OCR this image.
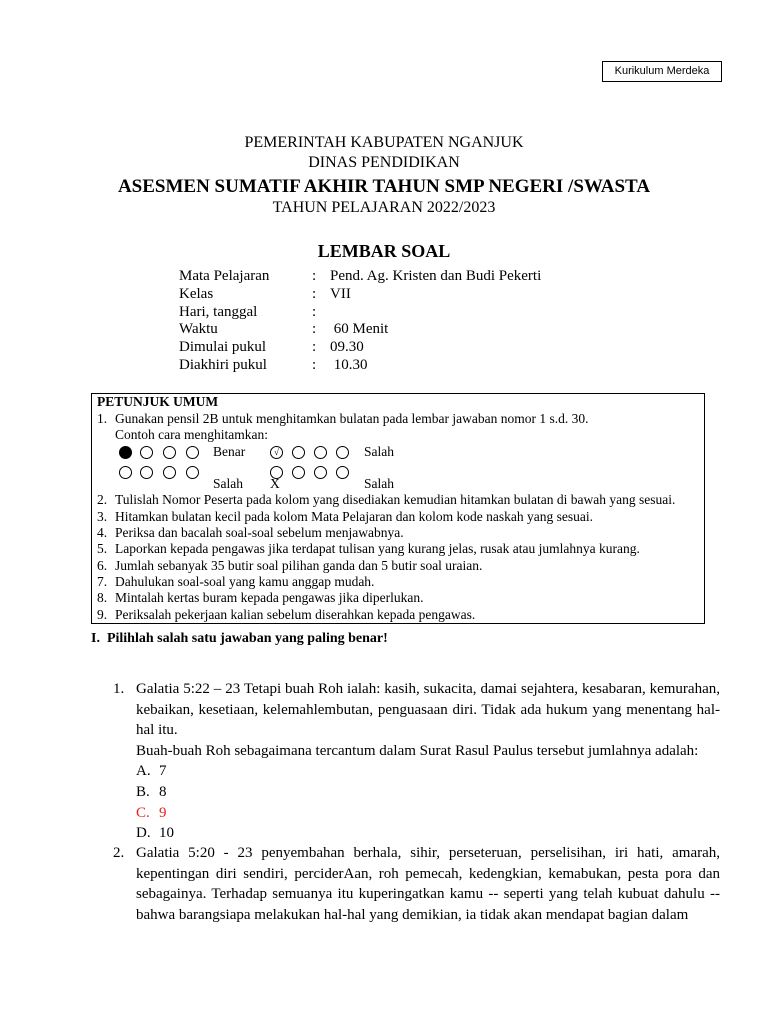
Kurikulum Merdeka
PEMERINTAH KABUPATEN NGANJUK
DINAS PENDIDIKAN
ASESMEN SUMATIF AKHIR TAHUN SMP NEGERI /SWASTA
TAHUN PELAJARAN 2022/2023
LEMBAR SOAL
Mata Pelajaran	: Pend. Ag. Kristen dan Budi Pekerti
Kelas	: VII
Hari, tanggal	:
Waktu	: 60 Menit
Dimulai pukul	: 09.30
Diakhiri pukul	: 10.30
PETUNJUK UMUM
1. Gunakan pensil 2B untuk menghitamkan bulatan pada lembar jawaban nomor 1 s.d. 30.
Contoh cara menghitamkan:
Benar	√	Salah
Salah X	Salah
2. Tulislah Nomor Peserta pada kolom yang disediakan kemudian hitamkan bulatan di bawah yang sesuai.
3. Hitamkan bulatan kecil pada kolom Mata Pelajaran dan kolom kode naskah yang sesuai.
4. Periksa dan bacalah soal-soal sebelum menjawabnya.
5. Laporkan kepada pengawas jika terdapat tulisan yang kurang jelas, rusak atau jumlahnya kurang.
6. Jumlah sebanyak 35 butir soal pilihan ganda dan 5 butir soal uraian.
7. Dahulukan soal-soal yang kamu anggap mudah.
8. Mintalah kertas buram kepada pengawas jika diperlukan.
9. Periksalah pekerjaan kalian sebelum diserahkan kepada pengawas.
I. Pilihlah salah satu jawaban yang paling benar!
1. Galatia 5:22 – 23 Tetapi buah Roh ialah: kasih, sukacita, damai sejahtera, kesabaran, kemurahan, kebaikan, kesetiaan, kelemahlembutan, penguasaan diri. Tidak ada hukum yang menentang hal-hal itu.
Buah-buah Roh sebagaimana tercantum dalam Surat Rasul Paulus tersebut jumlahnya adalah:
A. 7
B. 8
C. 9
D. 10
2. Galatia 5:20 - 23 penyembahan berhala, sihir, perseteruan, perselisihan, iri hati, amarah, kepentingan diri sendiri, perciderAan, roh pemecah, kedengkian, kemabukan, pesta pora dan sebagainya. Terhadap semuanya itu kuperingatkan kamu -- seperti yang telah kubuat dahulu -- bahwa barangsiapa melakukan hal-hal yang demikian, ia tidak akan mendapat bagian dalam
